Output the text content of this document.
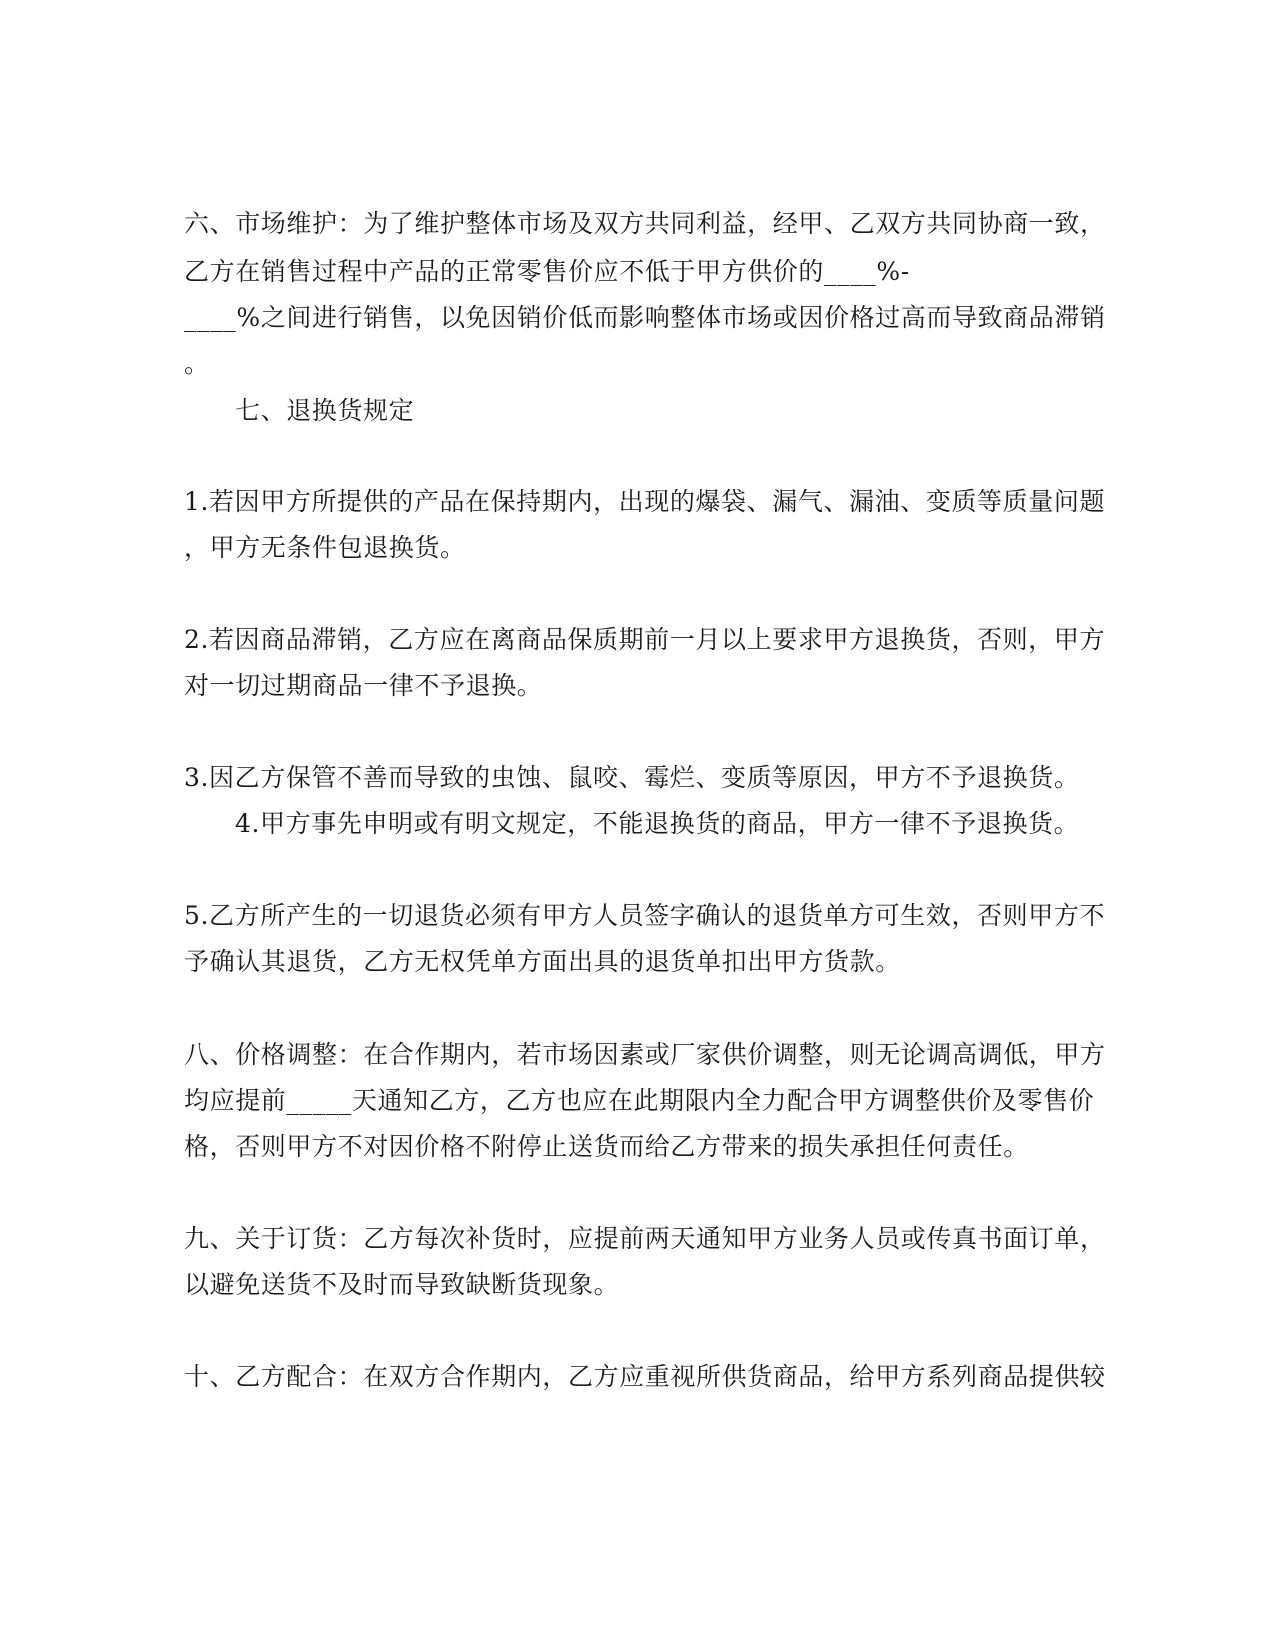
六、市场维护：为了维护整体市场及双方共同利益，经甲、乙双方共同协商一致，
乙方在销售过程中产品的正常零售价应不低于甲方供价的____%-
____%之间进行销售，以免因销价低而影响整体市场或因价格过高而导致商品滞销
。
七、退换货规定
1.若因甲方所提供的产品在保持期内，出现的爆袋、漏气、漏油、变质等质量问题
，甲方无条件包退换货。
2.若因商品滞销，乙方应在离商品保质期前一月以上要求甲方退换货，否则，甲方
对一切过期商品一律不予退换。
3.因乙方保管不善而导致的虫蚀、鼠咬、霉烂、变质等原因，甲方不予退换货。
4.甲方事先申明或有明文规定，不能退换货的商品，甲方一律不予退换货。
5.乙方所产生的一切退货必须有甲方人员签字确认的退货单方可生效，否则甲方不
予确认其退货，乙方无权凭单方面出具的退货单扣出甲方货款。
八、价格调整：在合作期内，若市场因素或厂家供价调整，则无论调高调低，甲方
均应提前_____天通知乙方，乙方也应在此期限内全力配合甲方调整供价及零售价
格，否则甲方不对因价格不附停止送货而给乙方带来的损失承担任何责任。
九、关于订货：乙方每次补货时，应提前两天通知甲方业务人员或传真书面订单，
以避免送货不及时而导致缺断货现象。
十、乙方配合：在双方合作期内，乙方应重视所供货商品，给甲方系列商品提供较
